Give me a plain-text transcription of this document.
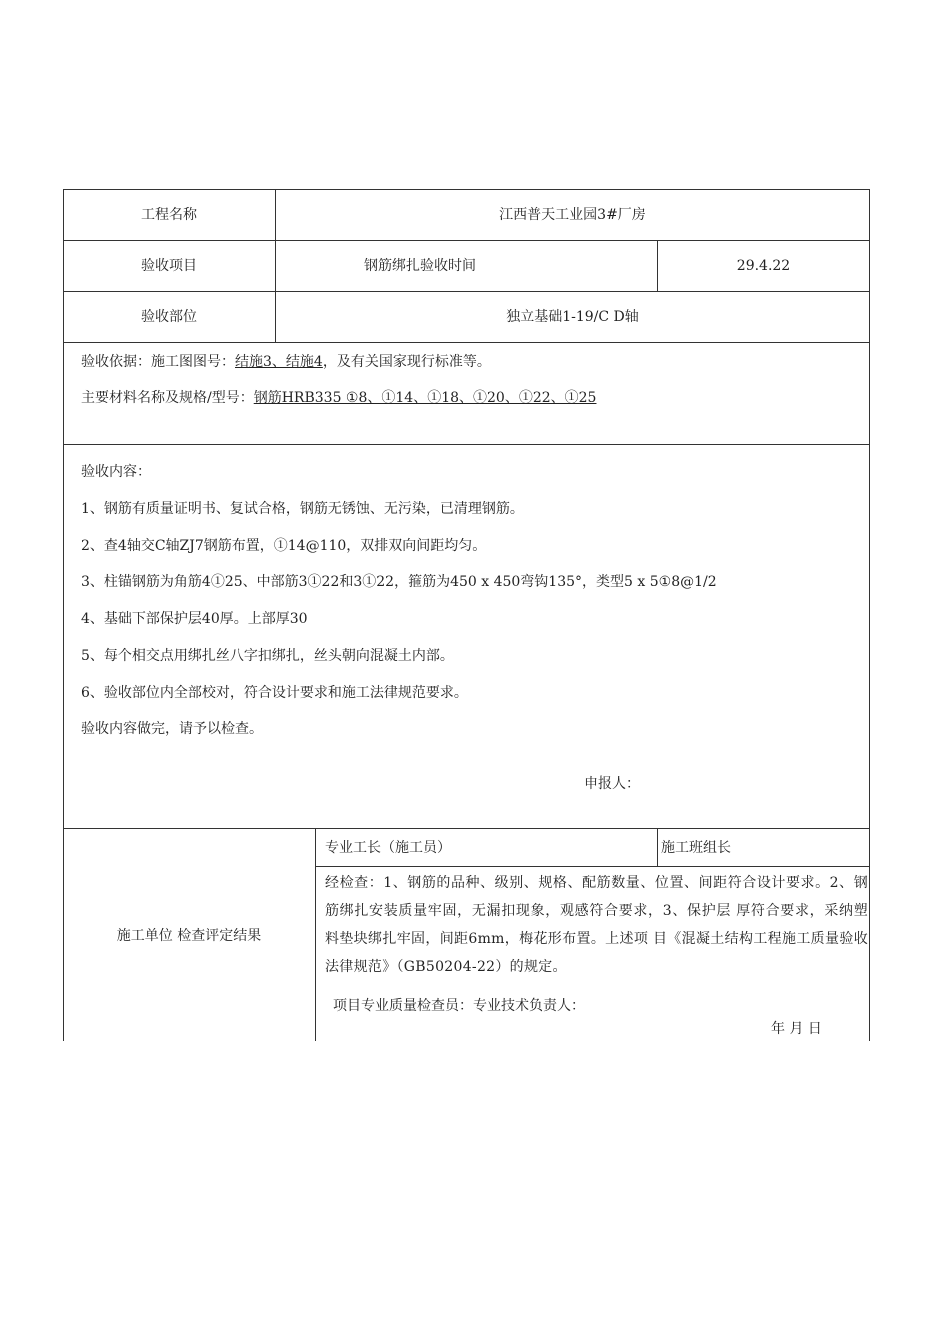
工程名称	江西普天工业园3#厂房
验收项目	钢筋绑扎验收时间	29.4.22
验收部位	独立基础1-19/C D轴
验收依据：施工图图号：结施3、结施4，及有关国家现行标准等。
主要材料名称及规格/型号：钢筋HRB335 ①8、①14、①18、①20、①22、①25
验收内容：
1、钢筋有质量证明书、复试合格，钢筋无锈蚀、无污染，已清理钢筋。
2、查4轴交C轴ZJ7钢筋布置，①14@110，双排双向间距均匀。
3、柱锚钢筋为角筋4①25、中部筋3①22和3①22，箍筋为450 x 450弯钩135°，类型5 x 5①8@1/2
4、基础下部保护层40厚。上部厚30
5、每个相交点用绑扎丝八字扣绑扎，丝头朝向混凝土内部。
6、验收部位内全部校对，符合设计要求和施工法律规范要求。
验收内容做完，请予以检查。
申报人：
施工单位 检查评定结果
专业工长（施工员）	施工班组长
经检查：1、钢筋的品种、级别、规格、配筋数量、位置、间距符合设计要求。2、钢筋绑扎安装质量牢固，无漏扣现象，观感符合要求，3、保护层 厚符合要求，采纳塑料垫块绑扎牢固，间距6mm，梅花形布置。上述项 目《混凝土结构工程施工质量验收法律规范》（GB50204-22）的规定。
项目专业质量检查员：专业技术负责人：
年 月 日
